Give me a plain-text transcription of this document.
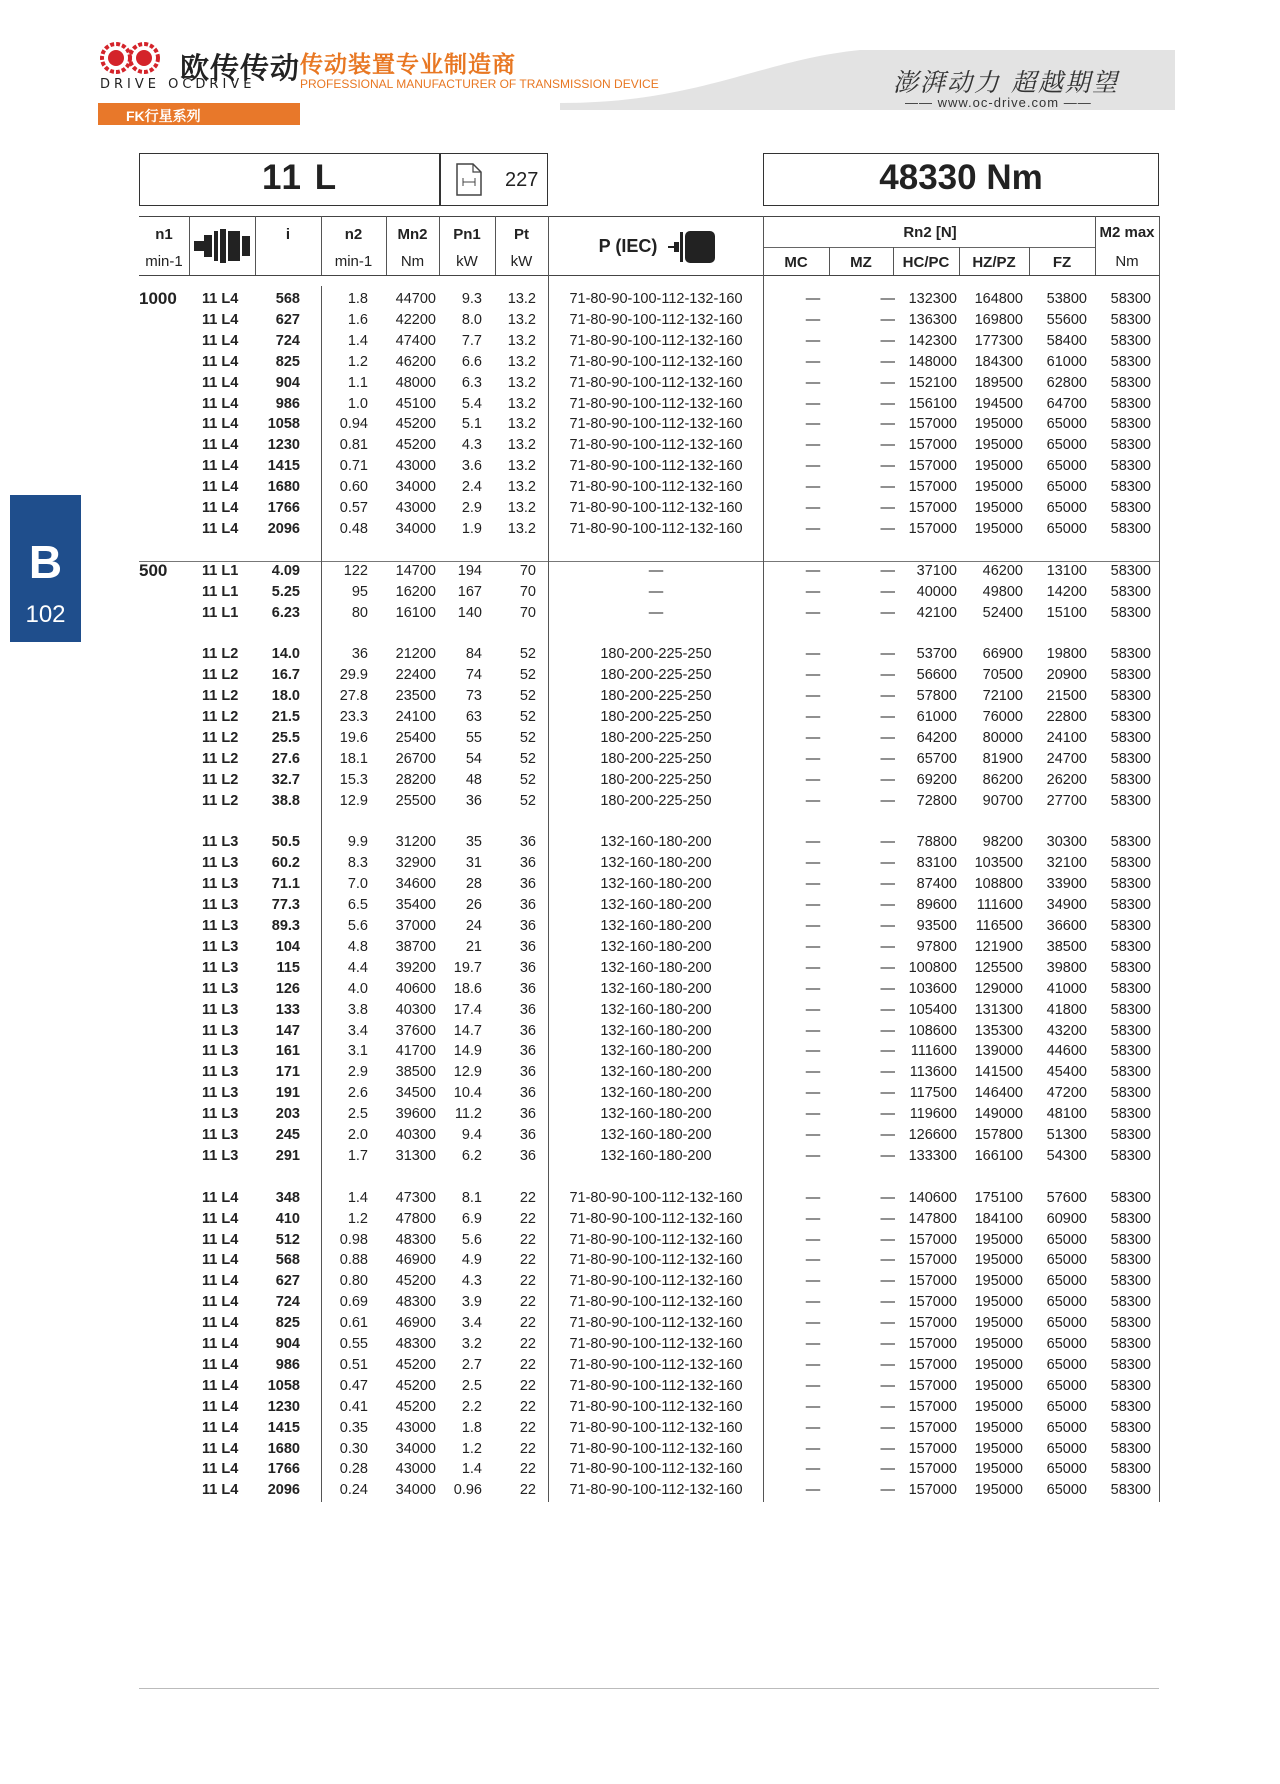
欧传传动
DRIVE OCDRIVE
传动装置专业制造商
PROFESSIONAL MANUFACTURER OF TRANSMISSION DEVICE	澎湃动力 超越期望
—— www.oc-drive.com ——
FK行星系列
B
102
11 L	227	48330 Nm
n1
min-1
i	n2
min-1
Mn2
Nm
Pn1
kW
Pt
kW
P (IEC)
Rn2 [N]
MC	MZ	HC/PC	HZ/PZ	FZ
M2 max
Nm
1000	11 L4	568	1.8	44700	9.3	13.2	71-80-90-100-112-132-160	—	— 132300	164800	53800	58300
11 L4	627	1.6	42200	8.0	13.2	71-80-90-100-112-132-160	—	— 136300	169800	55600	58300
11 L4	724	1.4	47400	7.7	13.2	71-80-90-100-112-132-160	—	— 142300	177300	58400	58300
11 L4	825	1.2	46200	6.6	13.2	71-80-90-100-112-132-160	—	— 148000	184300	61000	58300
11 L4	904	1.1	48000	6.3	13.2	71-80-90-100-112-132-160	—	— 152100	189500	62800	58300
11 L4	986	1.0	45100	5.4	13.2	71-80-90-100-112-132-160	—	— 156100	194500	64700	58300
11 L4	1058	0.94	45200	5.1	13.2	71-80-90-100-112-132-160	—	— 157000	195000	65000	58300
11 L4	1230	0.81	45200	4.3	13.2	71-80-90-100-112-132-160	—	— 157000	195000	65000	58300
11 L4	1415	0.71	43000	3.6	13.2	71-80-90-100-112-132-160	—	— 157000	195000	65000	58300
11 L4	1680	0.60	34000	2.4	13.2	71-80-90-100-112-132-160	—	— 157000	195000	65000	58300
11 L4	1766	0.57	43000	2.9	13.2	71-80-90-100-112-132-160	—	— 157000	195000	65000	58300
11 L4	2096	0.48	34000	1.9	13.2	71-80-90-100-112-132-160	—	— 157000	195000	65000	58300
500	11 L1	4.09	122	14700	194	70	—	—	—	37100	46200	13100	58300
11 L1	5.25	95	16200	167	70	—	—	—	40000	49800	14200	58300
11 L1	6.23	80	16100	140	70	—	—	—	42100	52400	15100	58300
11 L2	14.0	36	21200	84	52	180-200-225-250	—	—	53700	66900	19800	58300
11 L2	16.7	29.9	22400	74	52	180-200-225-250	—	—	56600	70500	20900	58300
11 L2	18.0	27.8	23500	73	52	180-200-225-250	—	—	57800	72100	21500	58300
11 L2	21.5	23.3	24100	63	52	180-200-225-250	—	—	61000	76000	22800	58300
11 L2	25.5	19.6	25400	55	52	180-200-225-250	—	—	64200	80000	24100	58300
11 L2	27.6	18.1	26700	54	52	180-200-225-250	—	—	65700	81900	24700	58300
11 L2	32.7	15.3	28200	48	52	180-200-225-250	—	—	69200	86200	26200	58300
11 L2	38.8	12.9	25500	36	52	180-200-225-250	—	—	72800	90700	27700	58300
11 L3	50.5	9.9	31200	35	36	132-160-180-200	—	—	78800	98200	30300	58300
11 L3	60.2	8.3	32900	31	36	132-160-180-200	—	—	83100	103500	32100	58300
11 L3	71.1	7.0	34600	28	36	132-160-180-200	—	—	87400	108800	33900	58300
11 L3	77.3	6.5	35400	26	36	132-160-180-200	—	—	89600	111600	34900	58300
11 L3	89.3	5.6	37000	24	36	132-160-180-200	—	—	93500	116500	36600	58300
11 L3	104	4.8	38700	21	36	132-160-180-200	—	—	97800	121900	38500	58300
11 L3	115	4.4	39200	19.7	36	132-160-180-200	—	— 100800	125500	39800	58300
11 L3	126	4.0	40600	18.6	36	132-160-180-200	—	— 103600	129000	41000	58300
11 L3	133	3.8	40300	17.4	36	132-160-180-200	—	— 105400	131300	41800	58300
11 L3	147	3.4	37600	14.7	36	132-160-180-200	—	— 108600	135300	43200	58300
11 L3	161	3.1	41700	14.9	36	132-160-180-200	—	—	111600	139000	44600	58300
11 L3	171	2.9	38500	12.9	36	132-160-180-200	—	—	113600	141500	45400	58300
11 L3	191	2.6	34500	10.4	36	132-160-180-200	—	—	117500	146400	47200	58300
11 L3	203	2.5	39600	11.2	36	132-160-180-200	—	—	119600	149000	48100	58300
11 L3	245	2.0	40300	9.4	36	132-160-180-200	—	— 126600	157800	51300	58300
11 L3	291	1.7	31300	6.2	36	132-160-180-200	—	— 133300	166100	54300	58300
11 L4	348	1.4	47300	8.1	22	71-80-90-100-112-132-160	—	— 140600	175100	57600	58300
11 L4	410	1.2	47800	6.9	22	71-80-90-100-112-132-160	—	— 147800	184100	60900	58300
11 L4	512	0.98	48300	5.6	22	71-80-90-100-112-132-160	—	— 157000	195000	65000	58300
11 L4	568	0.88	46900	4.9	22	71-80-90-100-112-132-160	—	— 157000	195000	65000	58300
11 L4	627	0.80	45200	4.3	22	71-80-90-100-112-132-160	—	— 157000	195000	65000	58300
11 L4	724	0.69	48300	3.9	22	71-80-90-100-112-132-160	—	— 157000	195000	65000	58300
11 L4	825	0.61	46900	3.4	22	71-80-90-100-112-132-160	—	— 157000	195000	65000	58300
11 L4	904	0.55	48300	3.2	22	71-80-90-100-112-132-160	—	— 157000	195000	65000	58300
11 L4	986	0.51	45200	2.7	22	71-80-90-100-112-132-160	—	— 157000	195000	65000	58300
11 L4	1058	0.47	45200	2.5	22	71-80-90-100-112-132-160	—	— 157000	195000	65000	58300
11 L4	1230	0.41	45200	2.2	22	71-80-90-100-112-132-160	—	— 157000	195000	65000	58300
11 L4	1415	0.35	43000	1.8	22	71-80-90-100-112-132-160	—	— 157000	195000	65000	58300
11 L4	1680	0.30	34000	1.2	22	71-80-90-100-112-132-160	—	— 157000	195000	65000	58300
11 L4	1766	0.28	43000	1.4	22	71-80-90-100-112-132-160	—	— 157000	195000	65000	58300
11 L4	2096	0.24	34000	0.96	22	71-80-90-100-112-132-160	—	— 157000	195000	65000	58300
